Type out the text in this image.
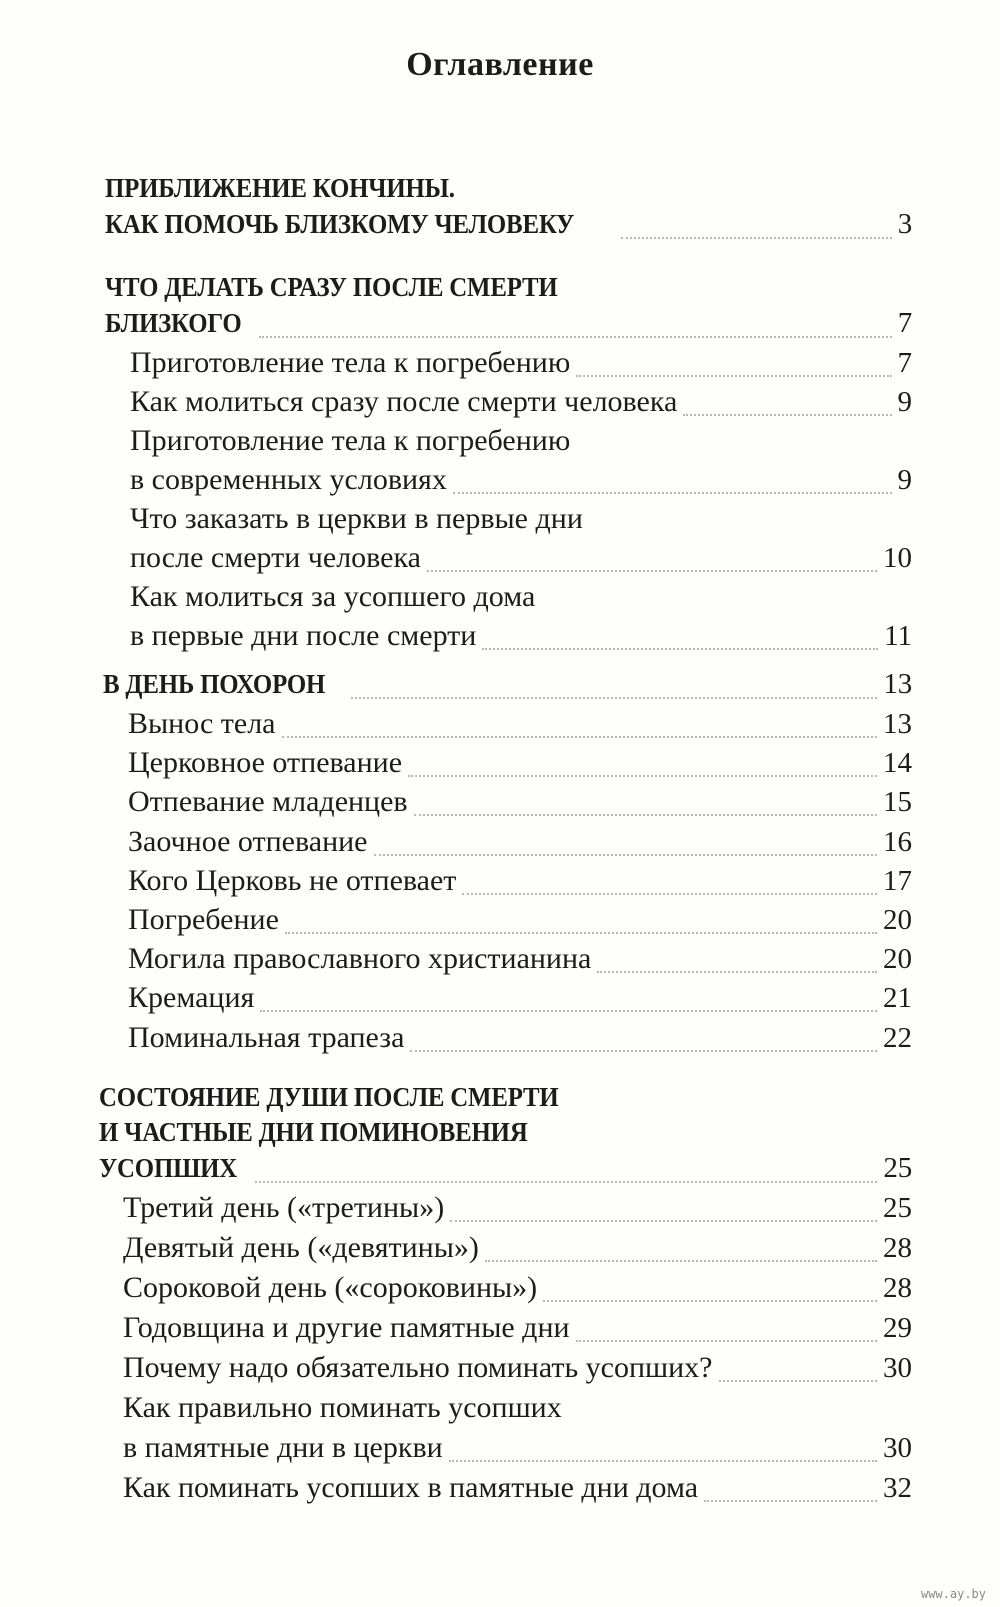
Оглавление
ПРИБЛИЖЕНИЕ КОНЧИНЫ.
КАК ПОМОЧЬ БЛИЗКОМУ ЧЕЛОВЕКУ	3
ЧТО ДЕЛАТЬ СРАЗУ ПОСЛЕ СМЕРТИ
БЛИЗКОГО	7
Приготовление тела к погребению	7
Как молиться сразу после смерти человека	9
Приготовление тела к погребению
в современных условиях	9
Что заказать в церкви в первые дни
после смерти человека	10
Как молиться за усопшего дома
в первые дни после смерти	11
В ДЕНЬ ПОХОРОН	13
Вынос тела	13
Церковное отпевание	14
Отпевание младенцев	15
Заочное отпевание	16
Кого Церковь не отпевает	17
Погребение	20
Могила православного христианина	20
Кремация	21
Поминальная трапеза	22
СОСТОЯНИЕ ДУШИ ПОСЛЕ СМЕРТИ
И ЧАСТНЫЕ ДНИ ПОМИНОВЕНИЯ
УСОПШИХ	25
Третий день («третины»)	25
Девятый день («девятины»)	28
Сороковой день («сороковины»)	28
Годовщина и другие памятные дни	29
Почему надо обязательно поминать усопших?	30
Как правильно поминать усопших
в памятные дни в церкви	30
Как поминать усопших в памятные дни дома	32
www.ay.by
